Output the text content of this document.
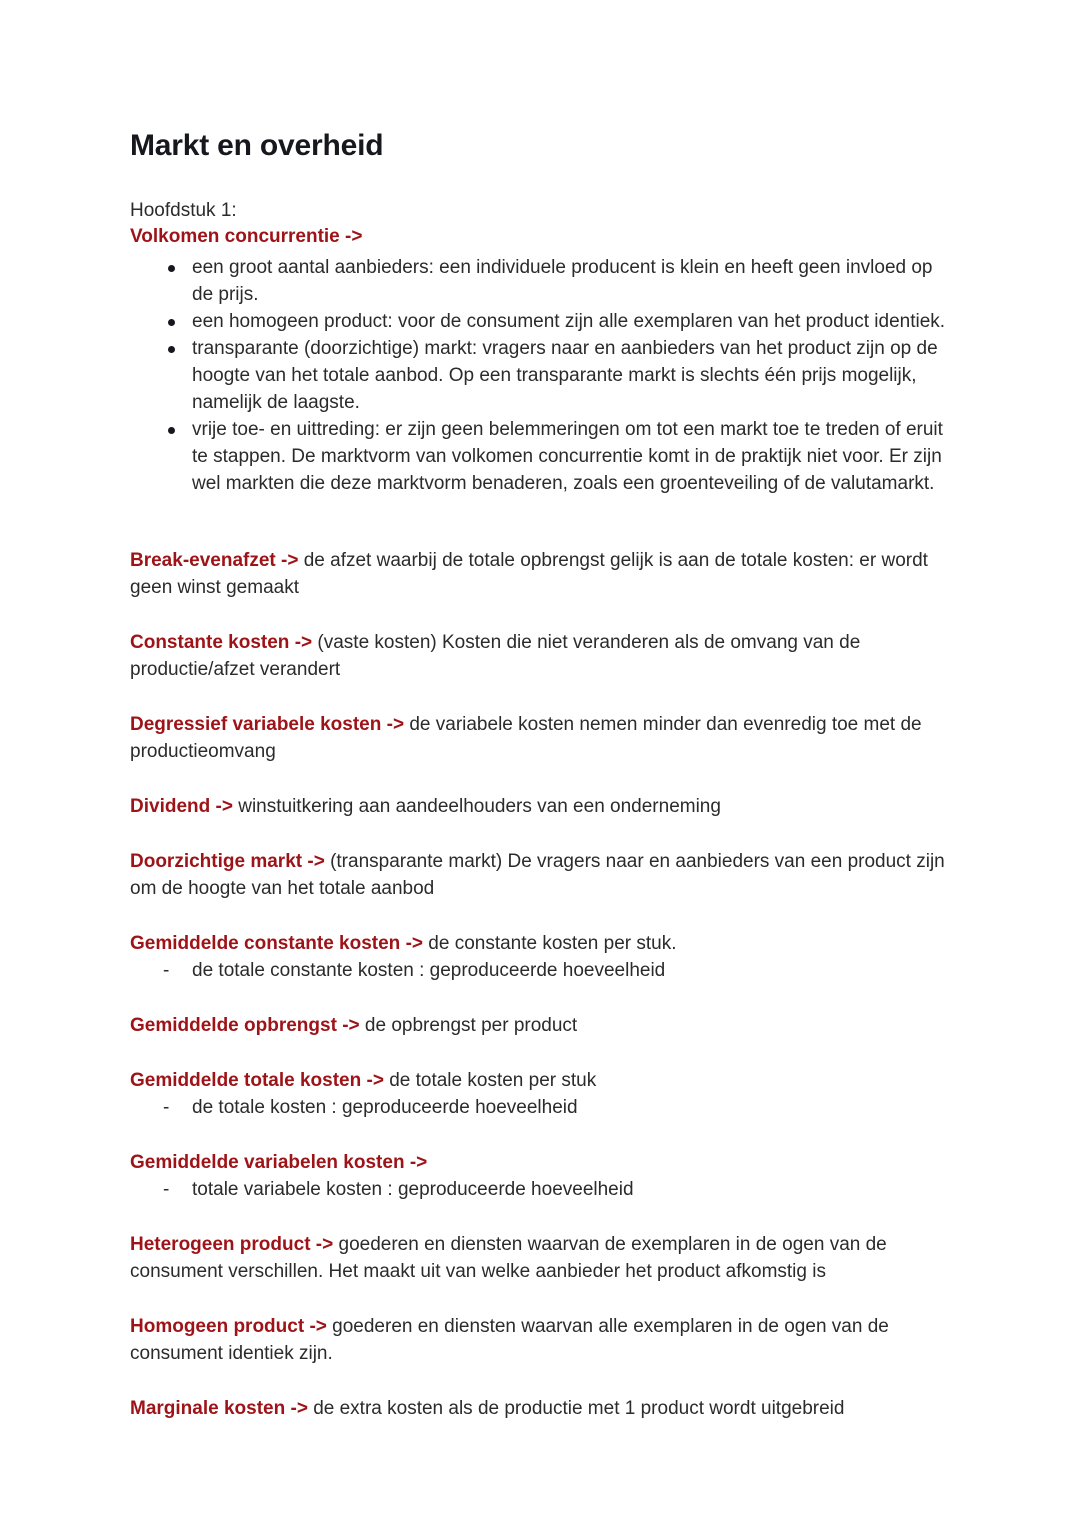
Markt en overheid

Hoofdstuk 1:

Volkomen concurrentie ->

een groot aantal aanbieders: een individuele producent is klein en heeft geen invloed op de prijs.
een homogeen product: voor de consument zijn alle exemplaren van het product identiek.
transparante (doorzichtige) markt: vragers naar en aanbieders van het product zijn op de hoogte van het totale aanbod. Op een transparante markt is slechts één prijs mogelijk, namelijk de laagste.
vrije toe- en uittreding: er zijn geen belemmeringen om tot een markt toe te treden of eruit te stappen. De marktvorm van volkomen concurrentie komt in de praktijk niet voor. Er zijn wel markten die deze marktvorm benaderen, zoals een groenteveiling of de valutamarkt.

Break-evenafzet -> de afzet waarbij de totale opbrengst gelijk is aan de totale kosten: er wordt geen winst gemaakt

Constante kosten -> (vaste kosten) Kosten die niet veranderen als de omvang van de productie/afzet verandert

Degressief variabele kosten -> de variabele kosten nemen minder dan evenredig toe met de productieomvang

Dividend -> winstuitkering aan aandeelhouders van een onderneming

Doorzichtige markt -> (transparante markt) De vragers naar en aanbieders van een product zijn om de hoogte van het totale aanbod

Gemiddelde constante kosten -> de constante kosten per stuk.

- de totale constante kosten : geproduceerde hoeveelheid

Gemiddelde opbrengst -> de opbrengst per product

Gemiddelde totale kosten -> de totale kosten per stuk

- de totale kosten : geproduceerde hoeveelheid

Gemiddelde variabelen kosten ->

- totale variabele kosten : geproduceerde hoeveelheid

Heterogeen product -> goederen en diensten waarvan de exemplaren in de ogen van de consument verschillen. Het maakt uit van welke aanbieder het product afkomstig is

Homogeen product -> goederen en diensten waarvan alle exemplaren in de ogen van de consument identiek zijn.

Marginale kosten -> de extra kosten als de productie met 1 product wordt uitgebreid
